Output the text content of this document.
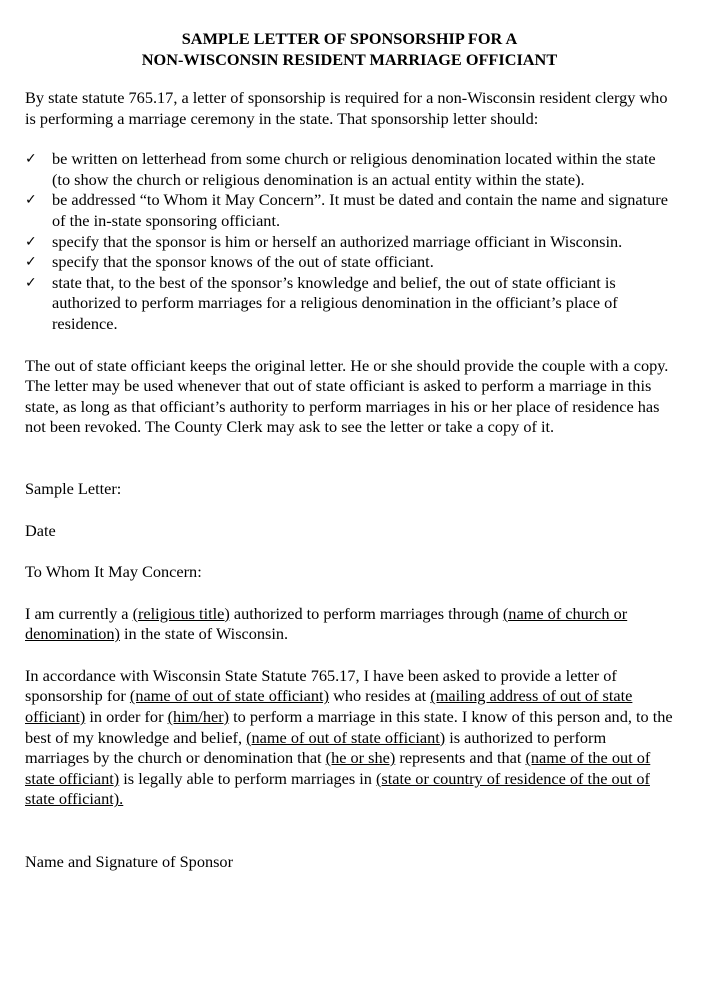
SAMPLE LETTER OF SPONSORSHIP FOR A
NON-WISCONSIN RESIDENT MARRIAGE OFFICIANT

By state statute 765.17, a letter of sponsorship is required for a non-Wisconsin resident clergy who is performing a marriage ceremony in the state. That sponsorship letter should:

✓ be written on letterhead from some church or religious denomination located within the state (to show the church or religious denomination is an actual entity within the state).
✓ be addressed “to Whom it May Concern”. It must be dated and contain the name and signature of the in-state sponsoring officiant.
✓ specify that the sponsor is him or herself an authorized marriage officiant in Wisconsin.
✓ specify that the sponsor knows of the out of state officiant.
✓ state that, to the best of the sponsor’s knowledge and belief, the out of state officiant is authorized to perform marriages for a religious denomination in the officiant’s place of residence.

The out of state officiant keeps the original letter. He or she should provide the couple with a copy. The letter may be used whenever that out of state officiant is asked to perform a marriage in this state, as long as that officiant’s authority to perform marriages in his or her place of residence has not been revoked. The County Clerk may ask to see the letter or take a copy of it.

Sample Letter:

Date

To Whom It May Concern:

I am currently a (religious title) authorized to perform marriages through (name of church or denomination) in the state of Wisconsin.

In accordance with Wisconsin State Statute 765.17, I have been asked to provide a letter of sponsorship for (name of out of state officiant) who resides at (mailing address of out of state officiant) in order for (him/her) to perform a marriage in this state. I know of this person and, to the best of my knowledge and belief, (name of out of state officiant) is authorized to perform marriages by the church or denomination that (he or she) represents and that (name of the out of state officiant) is legally able to perform marriages in (state or country of residence of the out of state officiant).

Name and Signature of Sponsor
